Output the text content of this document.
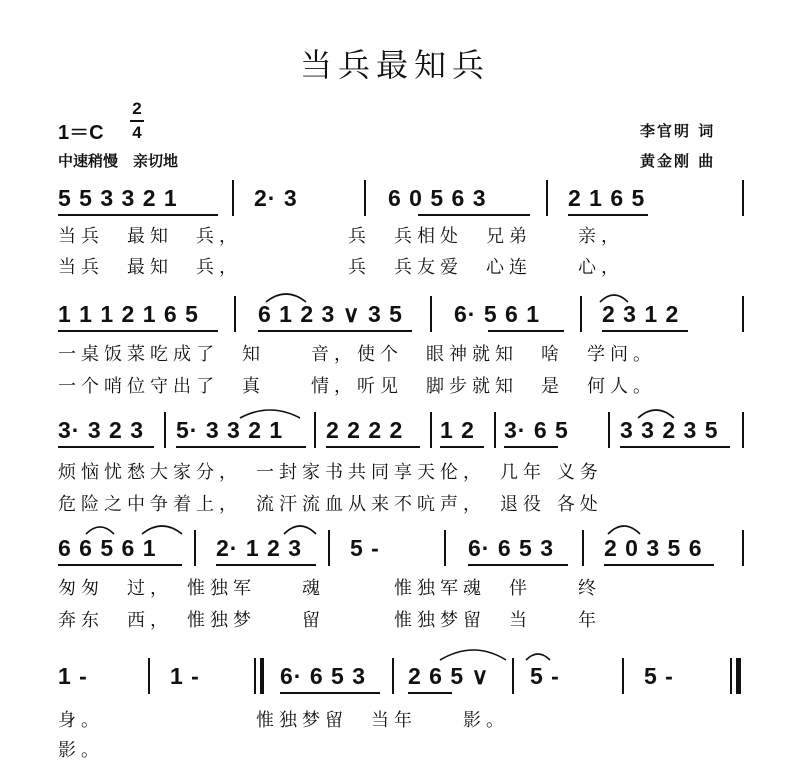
当兵最知兵
1＝C
2
4
中速稍慢　亲切地
李官明 词
黄金刚 曲
5 5 3 3 2 1	2· 3	6 0 5 6 3	2 1 6 5
当兵　最知　兵，　　　　　兵　兵相处　兄弟　　亲，
当兵　最知　兵，　　　　　兵　兵友爱　心连　　心，
1 1 1 2 1 6 5	6 1 2 3 ∨ 3 5	6· 5 6 1	2 3 1 2
一桌饭菜吃成了　知　　音，使个　眼神就知　啥　学问。
一个哨位守出了　真　　情，听见　脚步就知　是　何人。
3· 3 2 3	5· 3 3 2 1	2 2 2 2	1 2	3· 6 5	3 3 2 3 5
烦恼忧愁大家分，　一封家书共同享天伦，　几年 义务
危险之中争着上，　流汗流血从来不吭声，　退役 各处
6 6 5 6 1	2· 1 2 3	5 -	6· 6 5 3	2 0 3 5 6
匆匆　过，　惟独军　　魂　　　惟独军魂　伴　　终
奔东　西，　惟独梦　　留　　　惟独梦留　当　　年
1 -	1 -	6· 6 5 3	2 6 5 ∨	5 -	5 -
身。　　　　　　　惟独梦留　当年　　影。
影。
